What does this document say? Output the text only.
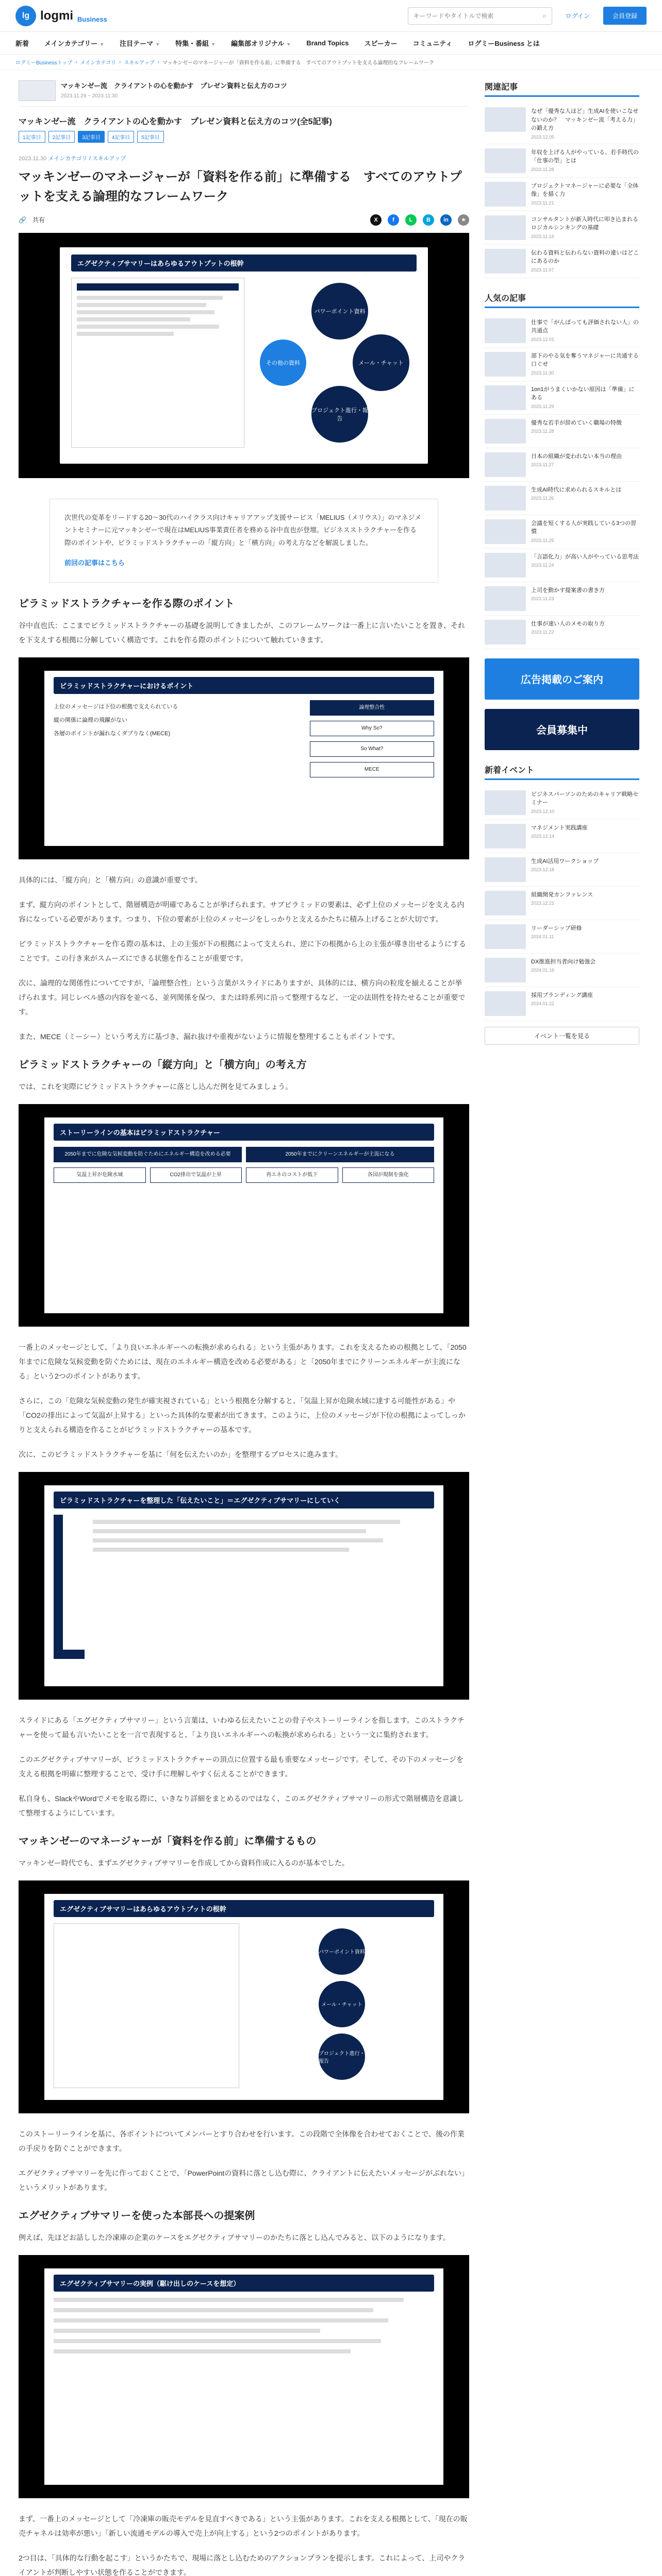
lg logmi Business
キーワードやタイトルで検索	⌕	ログイン	会員登録
新着 メインカテゴリー ▼ 注目テーマ ▼ 特集・番組 ▼ 編集部オリジナル ▼ Brand Topics スピーカー コミュニティ ログミーBusiness とは
ログミーBusinessトップ › メインカテゴリ › スキルアップ › マッキンゼーのマネージャーが「資料を作る前」に準備する　すべてのアウトプットを支える論理的なフレームワーク
マッキンゼー流　クライアントの心を動かす　プレゼン資料と伝え方のコツ
2023.11.29 ~ 2023.11.30
マッキンゼー流　クライアントの心を動かす　プレゼン資料と伝え方のコツ(全5記事)
1記事目	2記事目	3記事目	4記事目	5記事目
2023.11.30 メインカテゴリ / スキルアップ
マッキンゼーのマネージャーが「資料を作る前」に準備する　すべてのアウトプットを支える論理的なフレームワーク
🔗 共有	X	f	L	B	in	★
エグゼクティブサマリーはあらゆるアウトプットの根幹
パワーポイント資料
メール・チャット
プロジェクト進行・報告
その他の資料

次世代の変革をリードする20〜30代のハイクラス向けキャリアアップ支援サービス「MELIUS（メリウス）」のマネジメントセミナーに元マッキンゼーで現在はMELIUS事業責任者を務める谷中直也が登壇。ビジネスストラクチャーを作る際のポイントや、ピラミッドストラクチャーの「縦方向」と「横方向」の考え方などを解説しました。

前回の記事はこちら

ピラミッドストラクチャーを作る際のポイント

谷中直也氏：ここまでピラミッドストラクチャーの基礎を説明してきましたが、このフレームワークは一番上に言いたいことを置き、それを下支えする根拠に分解していく構造です。これを作る際のポイントについて触れていきます。

ピラミッドストラクチャーにおけるポイント
上位のメッセージは下位の根拠で支えられている
縦の関係に論理の飛躍がない
各層のポイントが漏れなくダブりなく(MECE)
論理整合性
Why So?
So What?
MECE

具体的には、「縦方向」と「横方向」の意識が重要です。

まず、縦方向のポイントとして、階層構造が明確であることが挙げられます。サブピラミッドの要素は、必ず上位のメッセージを支える内容になっている必要があります。つまり、下位の要素が上位のメッセージをしっかりと支えるかたちに積み上げることが大切です。

ピラミッドストラクチャーを作る際の基本は、上の主張が下の根拠によって支えられ、逆に下の根拠から上の主張が導き出せるようにすることです。この行き来がスムーズにできる状態を作ることが重要です。

次に、論理的な関係性についてですが、「論理整合性」という言葉がスライドにありますが、具体的には、横方向の粒度を揃えることが挙げられます。同じレベル感の内容を並べる、並列関係を保つ、または時系列に沿って整理するなど、一定の法則性を持たせることが重要です。

また、MECE（ミーシー）という考え方に基づき、漏れ抜けや重複がないように情報を整理することもポイントです。

ピラミッドストラクチャーの「縦方向」と「横方向」の考え方

では、これを実際にピラミッドストラクチャーに落とし込んだ例を見てみましょう。

ストーリーラインの基本はピラミッドストラクチャー
2050年までに危険な気候変動を防ぐためにエネルギー構造を改める必要	2050年までにクリーンエネルギーが主流になる
気温上昇が危険水域	CO2排出で気温が上昇	再エネのコストが低下	各国が規制を強化

一番上のメッセージとして、「より良いエネルギーへの転換が求められる」という主張があります。これを支えるための根拠として、「2050年までに危険な気候変動を防ぐためには、現在のエネルギー構造を改める必要がある」と「2050年までにクリーンエネルギーが主流になる」という2つのポイントがあります。

さらに、この「危険な気候変動の発生が確実視されている」という根拠を分解すると、「気温上昇が危険水域に達する可能性がある」や「CO2の排出によって気温が上昇する」といった具体的な要素が出てきます。このように、上位のメッセージが下位の根拠によってしっかりと支えられる構造を作ることがピラミッドストラクチャーの基本です。

次に、このピラミッドストラクチャーを基に「何を伝えたいのか」を整理するプロセスに進みます。

ピラミッドストラクチャーを整理した「伝えたいこと」＝エグゼクティブサマリーにしていく

スライドにある「エグゼクティブサマリー」という言葉は、いわゆる伝えたいことの骨子やストーリーラインを指します。このストラクチャーを使って最も言いたいことを一言で表現すると、「より良いエネルギーへの転換が求められる」という一文に集約されます。

このエグゼクティブサマリーが、ピラミッドストラクチャーの頂点に位置する最も重要なメッセージです。そして、その下のメッセージを支える根拠を明確に整理することで、受け手に理解しやすく伝えることができます。

私自身も、SlackやWordでメモを取る際に、いきなり詳細をまとめるのではなく、このエグゼクティブサマリーの形式で階層構造を意識して整理するようにしています。

マッキンゼーのマネージャーが「資料を作る前」に準備するもの

マッキンゼー時代でも、まずエグゼクティブサマリーを作成してから資料作成に入るのが基本でした。

エグゼクティブサマリーはあらゆるアウトプットの根幹
パワーポイント資料
メール・チャット
プロジェクト進行・報告

このストーリーラインを基に、各ポイントについてメンバーとすり合わせを行います。この段階で全体像を合わせておくことで、後の作業の手戻りを防ぐことができます。

エグゼクティブサマリーを先に作っておくことで、「PowerPointの資料に落とし込む際に、クライアントに伝えたいメッセージがぶれない」というメリットがあります。

エグゼクティブサマリーを使った本部長への提案例

例えば、先ほどお話しした冷凍庫の企業のケースをエグゼクティブサマリーのかたちに落とし込んでみると、以下のようになります。

エグゼクティブサマリーの実例（駆け出しのケースを想定）

まず、一番上のメッセージとして「冷凍庫の販売モデルを見直すべきである」という主張があります。これを支える根拠として、「現在の販売チャネルは効率が悪い」「新しい流通モデルの導入で売上が向上する」という2つのポイントがあります。

2つ目は、「具体的な行動を起こす」というかたちで、現場に落とし込むためのアクションプランを提示します。これによって、上司やクライアントが判断しやすい状態を作ることができます。

関連記事
なぜ「優秀な人ほど」生成AIを使いこなせないのか？　マッキンゼー流「考える力」の鍛え方
2023.12.05
年収を上げる人がやっている、若手時代の「仕事の型」とは
2023.11.28
プロジェクトマネージャーに必要な「全体像」を描く力
2023.11.21
コンサルタントが新人時代に叩き込まれるロジカルシンキングの基礎
2023.11.14
伝わる資料と伝わらない資料の違いはどこにあるのか
2023.11.07
人気の記事
仕事で「がんばっても評価されない人」の共通点
2023.12.01
部下のやる気を奪うマネジャーに共通する口ぐせ
2023.11.30
1on1がうまくいかない原因は「準備」にある
2023.11.29
優秀な若手が辞めていく職場の特徴
2023.11.28
日本の組織が変われない本当の理由
2023.11.27
生成AI時代に求められるスキルとは
2023.11.26
会議を短くする人が実践している3つの習慣
2023.11.25
「言語化力」が高い人がやっている思考法
2023.11.24
上司を動かす提案書の書き方
2023.11.23
仕事が速い人のメモの取り方
2023.11.22
広告掲載のご案内
会員募集中
新着イベント
ビジネスパーソンのためのキャリア戦略セミナー
2023.12.10
マネジメント実践講座
2023.12.14
生成AI活用ワークショップ
2023.12.18
組織開発カンファレンス
2023.12.21
リーダーシップ研修
2024.01.11
DX推進担当者向け勉強会
2024.01.16
採用ブランディング講座
2024.01.22
イベント一覧を見る
